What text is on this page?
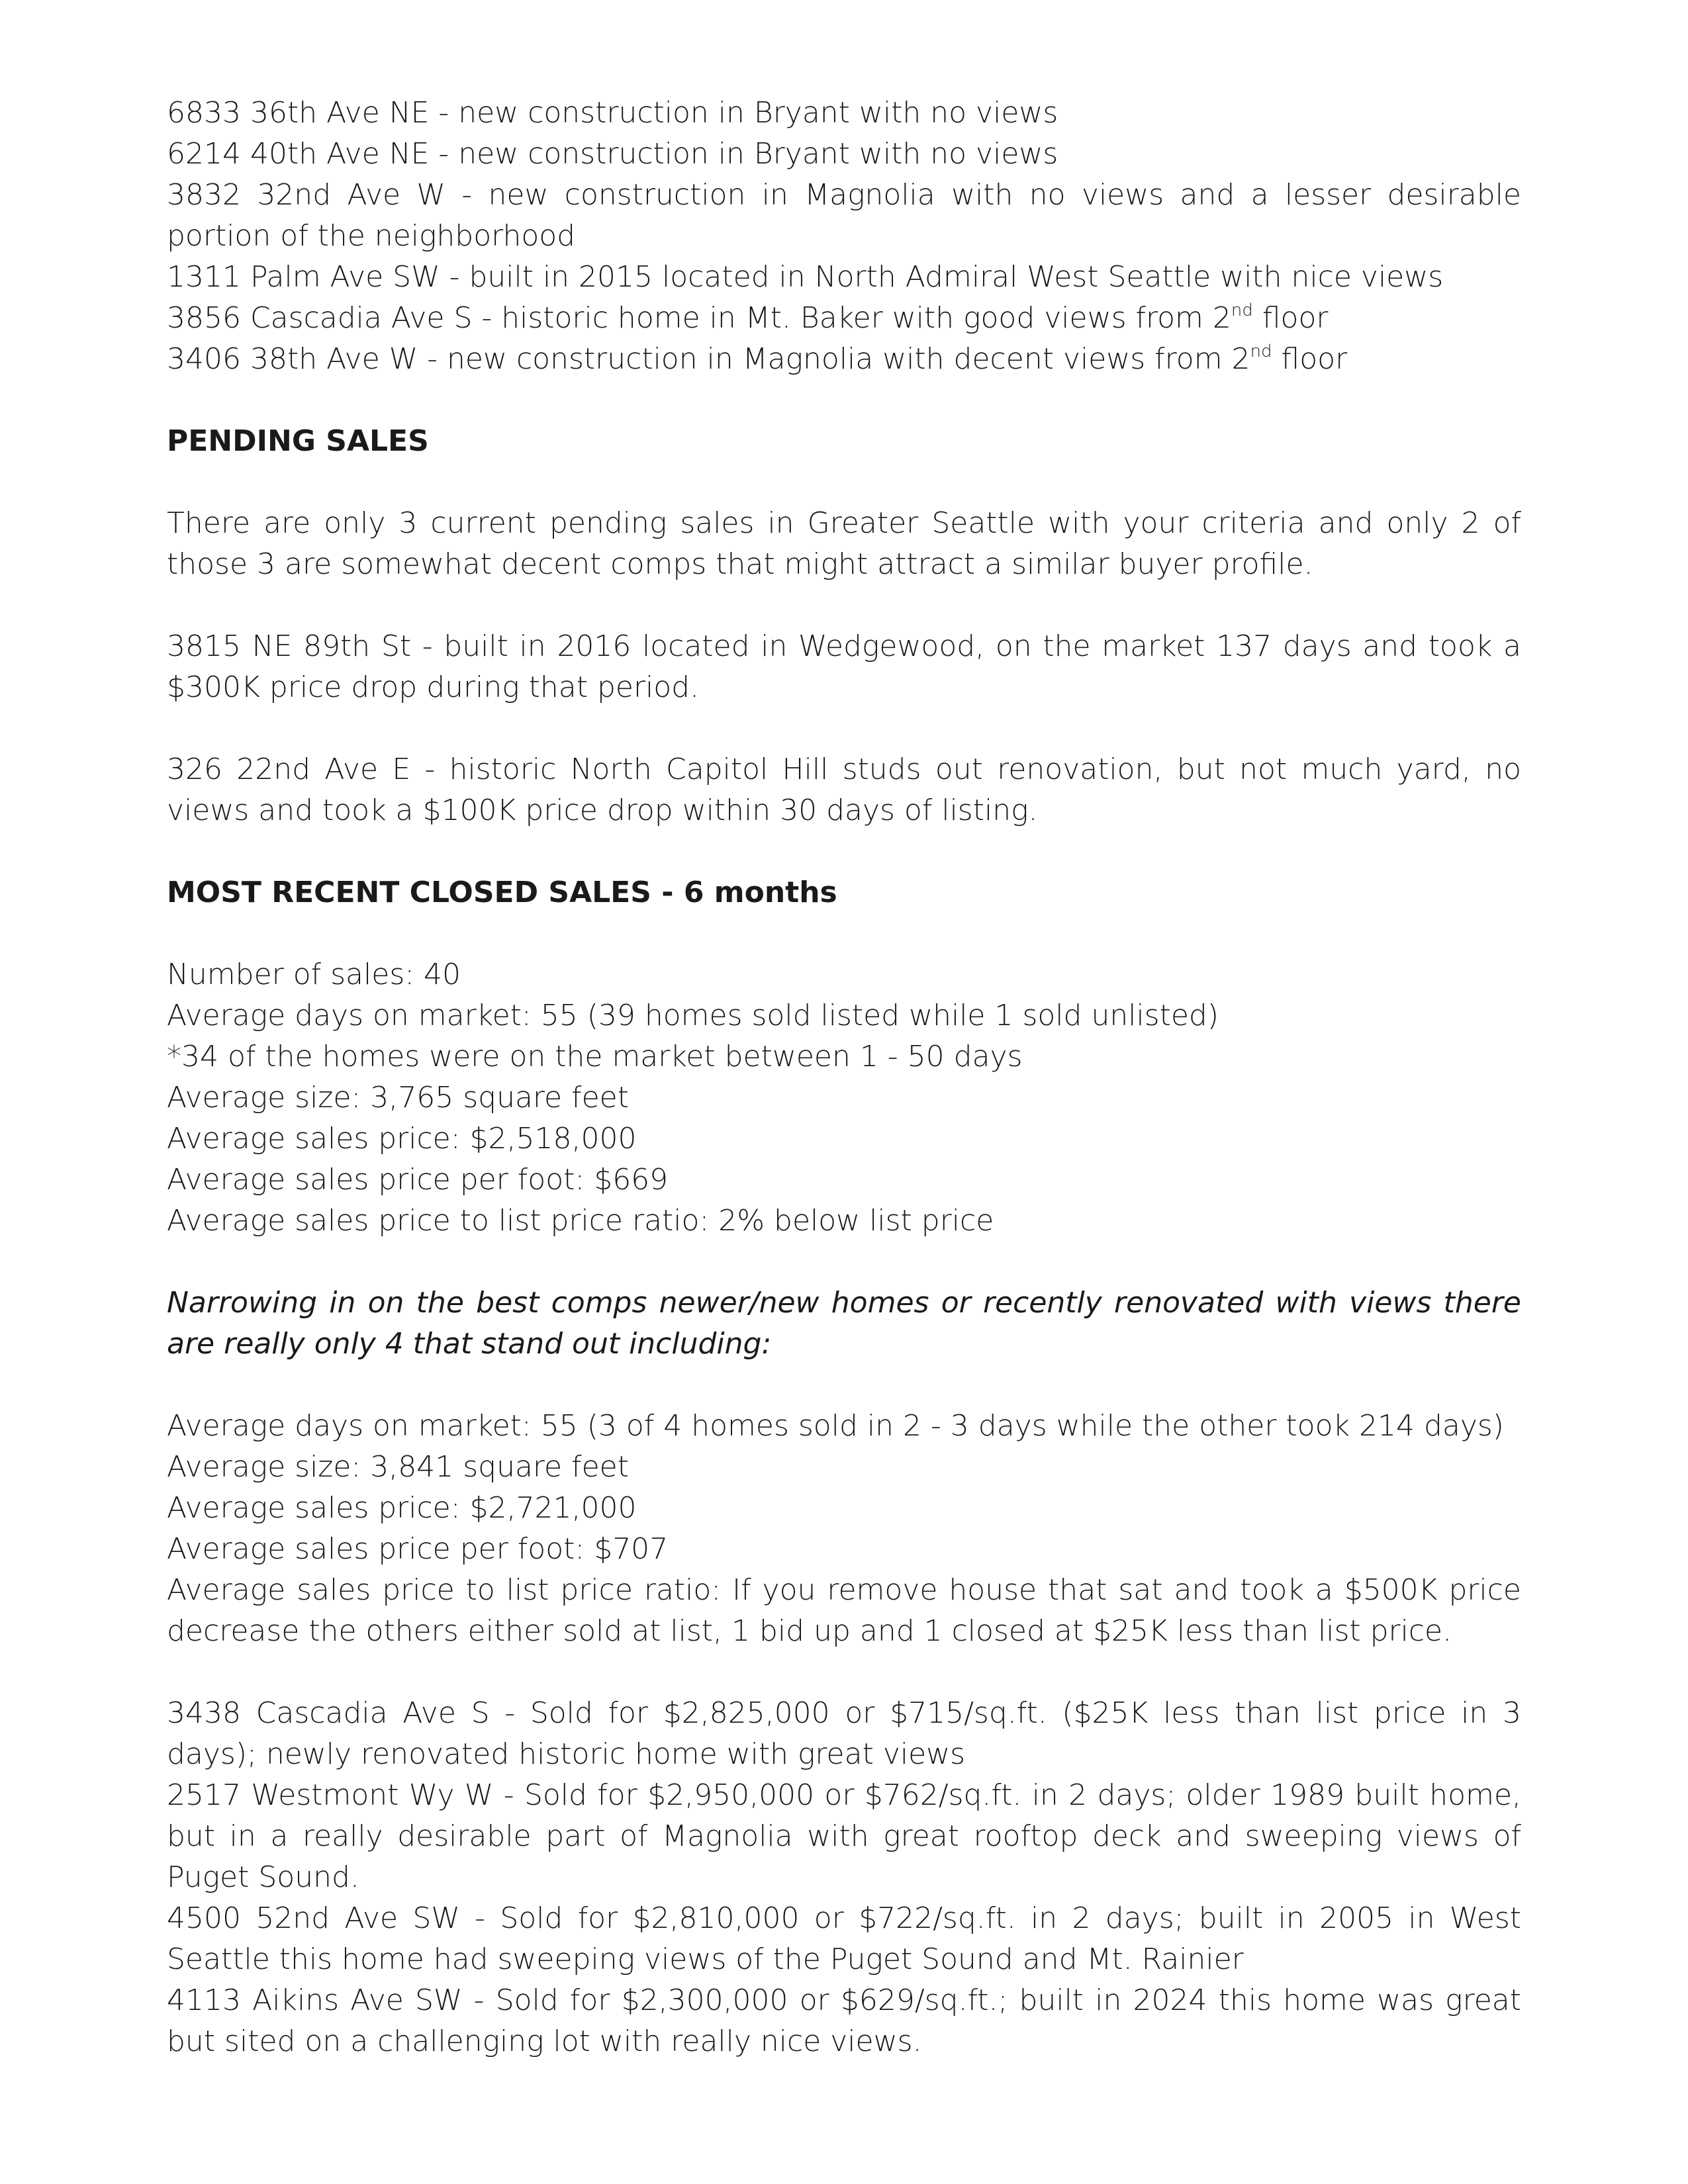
6833 36th Ave NE - new construction in Bryant with no views
6214 40th Ave NE - new construction in Bryant with no views
3832 32nd Ave W - new construction in Magnolia with no views and a lesser desirable portion of the neighborhood
1311 Palm Ave SW - built in 2015 located in North Admiral West Seattle with nice views
3856 Cascadia Ave S - historic home in Mt. Baker with good views from 2nd floor
3406 38th Ave W - new construction in Magnolia with decent views from 2nd floor
PENDING SALES
There are only 3 current pending sales in Greater Seattle with your criteria and only 2 of those 3 are somewhat decent comps that might attract a similar buyer profile.
3815 NE 89th St - built in 2016 located in Wedgewood, on the market 137 days and took a $300K price drop during that period.
326 22nd Ave E - historic North Capitol Hill studs out renovation, but not much yard, no views and took a $100K price drop within 30 days of listing.
MOST RECENT CLOSED SALES - 6 months
Number of sales: 40
Average days on market: 55 (39 homes sold listed while 1 sold unlisted)
*34 of the homes were on the market between 1 - 50 days
Average size: 3,765 square feet
Average sales price: $2,518,000
Average sales price per foot: $669
Average sales price to list price ratio: 2% below list price
Narrowing in on the best comps newer/new homes or recently renovated with views there are really only 4 that stand out including:
Average days on market: 55 (3 of 4 homes sold in 2 - 3 days while the other took 214 days)
Average size: 3,841 square feet
Average sales price: $2,721,000
Average sales price per foot: $707
Average sales price to list price ratio: If you remove house that sat and took a $500K price decrease the others either sold at list, 1 bid up and 1 closed at $25K less than list price.
3438 Cascadia Ave S - Sold for $2,825,000 or $715/sq.ft. ($25K less than list price in 3 days); newly renovated historic home with great views
2517 Westmont Wy W - Sold for $2,950,000 or $762/sq.ft. in 2 days; older 1989 built home, but in a really desirable part of Magnolia with great rooftop deck and sweeping views of Puget Sound.
4500 52nd Ave SW - Sold for $2,810,000 or $722/sq.ft. in 2 days; built in 2005 in West Seattle this home had sweeping views of the Puget Sound and Mt. Rainier
4113 Aikins Ave SW - Sold for $2,300,000 or $629/sq.ft.; built in 2024 this home was great but sited on a challenging lot with really nice views.
